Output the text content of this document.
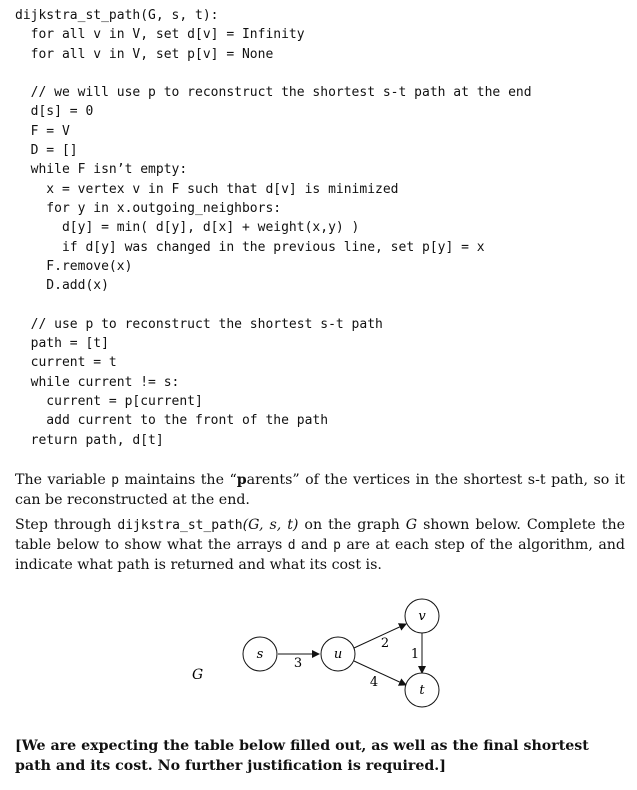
dijkstra_st_path(G, s, t):
for all v in V, set d[v] = Infinity
for all v in V, set p[v] = None
// we will use p to reconstruct the shortest s-t path at the end
d[s] = 0
F = V
D = []
while F isn’t empty:
x = vertex v in F such that d[v] is minimized
for y in x.outgoing_neighbors:
d[y] = min( d[y], d[x] + weight(x,y) )
if d[y] was changed in the previous line, set p[y] = x
F.remove(x)
D.add(x)
// use p to reconstruct the shortest s-t path
path = [t]
current = t
while current != s:
current = p[current]
add current to the front of the path
return path, d[t]

The variable p maintains the “parents” of the vertices in the shortest s-t path, so it can be reconstructed at the end.

Step through dijkstra_st_path(G, s, t) on the graph G shown below. Complete the table below to show what the arrays d and p are at each step of the algorithm, and indicate what path is returned and what its cost is.

G
s	u
v
t
3
2
1
4

[We are expecting the table below filled out, as well as the final shortest path and its cost. No further justification is required.]
